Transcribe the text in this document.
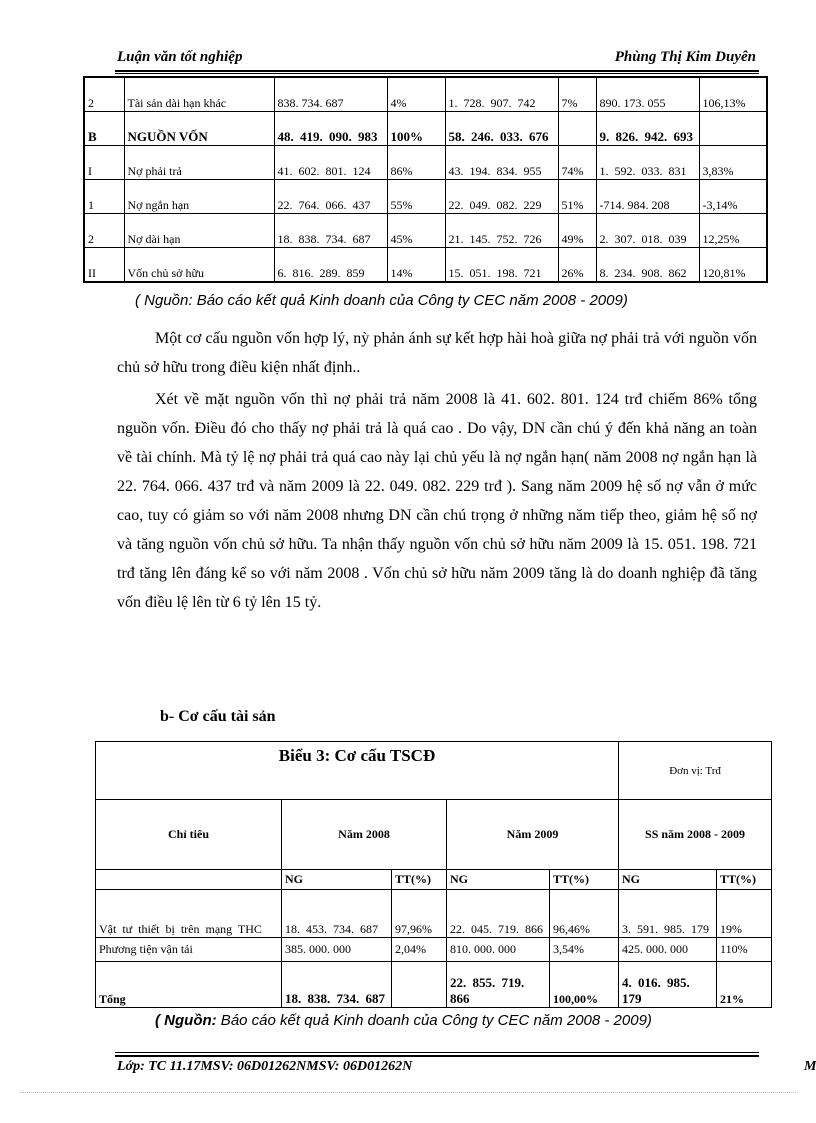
Luận văn tốt nghiệp	Phùng Thị Kim Duyên
2	Tài sản dài hạn khác	838. 734. 687	4%	1. 728. 907. 742	7%	890. 173. 055	106,13%
B	NGUỒN VỐN	48. 419. 090. 983	100%	58. 246. 033. 676		9. 826. 942. 693	
I	Nợ phải trả	41. 602. 801. 124	86%	43. 194. 834. 955	74%	1. 592. 033. 831	3,83%
1	Nợ ngắn hạn	22. 764. 066. 437	55%	22. 049. 082. 229	51%	-714. 984. 208	-3,14%
2	Nợ dài hạn	18. 838. 734. 687	45%	21. 145. 752. 726	49%	2. 307. 018. 039	12,25%
II	Vốn chủ sở hữu	6. 816. 289. 859	14%	15. 051. 198. 721	26%	8. 234. 908. 862	120,81%
( Nguồn: Báo cáo kết quả Kinh doanh của Công ty CEC năm 2008 - 2009)

Một cơ cấu nguồn vốn hợp lý, nỳ phản ánh sự kết hợp hài hoà giữa nợ phải trả với nguồn vốn chủ sở hữu trong điều kiện nhất định..

Xét về mặt nguồn vốn thì nợ phải trả năm 2008 là 41. 602. 801. 124 trđ chiếm 86% tổng nguồn vốn. Điều đó cho thấy nợ phải trả là quá cao . Do vậy, DN cần chú ý đến khả năng an toàn về tài chính. Mà tỷ lệ nợ phải trả quá cao này lại chủ yếu là nợ ngắn hạn( năm 2008 nợ ngắn hạn là 22. 764. 066. 437 trđ và năm 2009 là 22. 049. 082. 229 trđ ). Sang năm 2009 hệ số nợ vẫn ở mức cao, tuy có giảm so với năm 2008 nhưng DN cần chú trọng ở những năm tiếp theo, giảm hệ số nợ và tăng nguồn vốn chủ sở hữu. Ta nhận thấy nguồn vốn chủ sở hữu năm 2009 là 15. 051. 198. 721 trđ tăng lên đáng kể so với năm 2008 . Vốn chủ sở hữu năm 2009 tăng là do doanh nghiệp đã tăng vốn điều lệ lên từ 6 tỷ lên 15 tỷ.

b- Cơ cấu tài sản
Biểu 3: Cơ cấu TSCĐ					Đơn vị: Trđ	
Chỉ tiêu	Năm 2008		Năm 2009		SS năm 2008 - 2009	
	NG	TT(%)	NG	TT(%)	NG	TT(%)
Vật tư thiết bị trên mạng THC	18. 453. 734. 687	97,96%	22. 045. 719. 866	96,46%	3. 591. 985. 179	19%
Phương tiện vận tải	385. 000. 000	2,04%	810. 000. 000	3,54%	425. 000. 000	110%
Tổng	18. 838. 734. 687		22. 855. 719. 866	100,00%	4. 016. 985. 179	21%
( Nguồn: Báo cáo kết quả Kinh doanh của Công ty CEC năm 2008 - 2009)
Lớp: TC 11.17MSV: 06D01262NMSV: 06D01262N	M
